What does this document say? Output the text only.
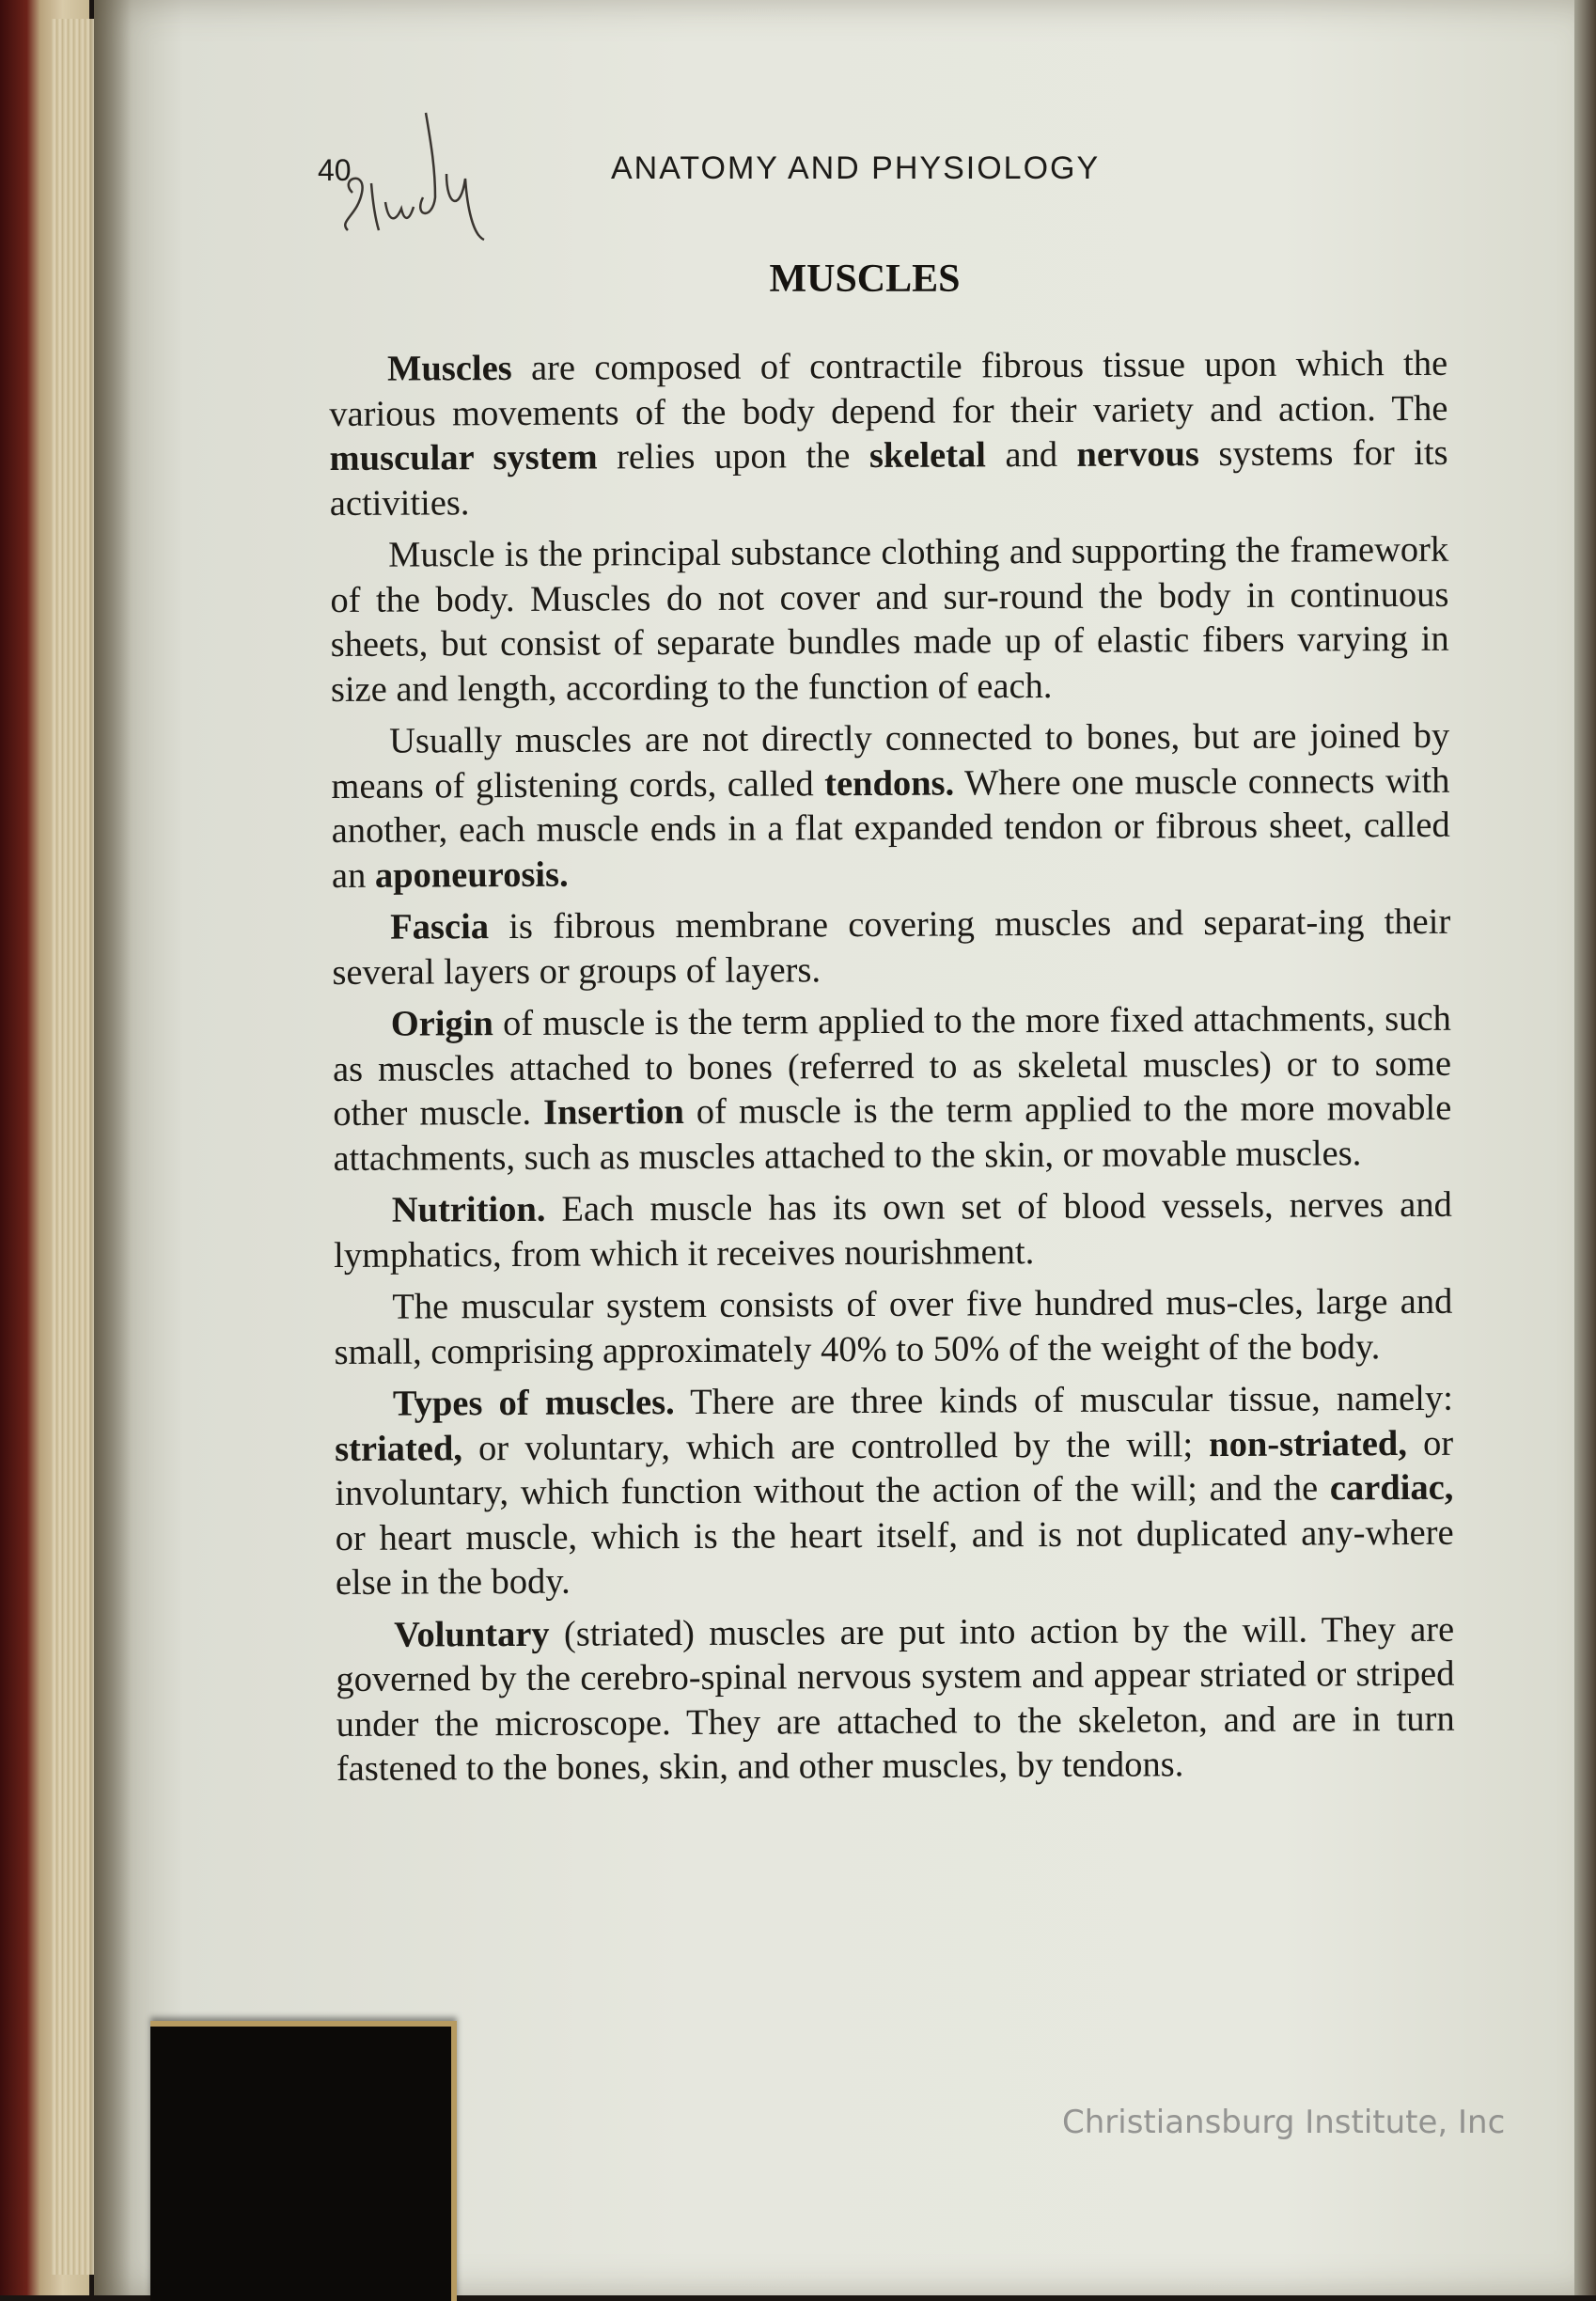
40	ANATOMY AND PHYSIOLOGY
MUSCLES

Muscles are composed of contractile fibrous tissue upon which the various movements of the body depend for their variety and action. The muscular system relies upon the skeletal and nervous systems for its activities.

Muscle is the principal substance clothing and supporting the framework of the body. Muscles do not cover and sur-round the body in continuous sheets, but consist of separate bundles made up of elastic fibers varying in size and length, according to the function of each.

Usually muscles are not directly connected to bones, but are joined by means of glistening cords, called tendons. Where one muscle connects with another, each muscle ends in a flat expanded tendon or fibrous sheet, called an aponeurosis.

Fascia is fibrous membrane covering muscles and separat-ing their several layers or groups of layers.

Origin of muscle is the term applied to the more fixed attachments, such as muscles attached to bones (referred to as skeletal muscles) or to some other muscle. Insertion of muscle is the term applied to the more movable attachments, such as muscles attached to the skin, or movable muscles.

Nutrition. Each muscle has its own set of blood vessels, nerves and lymphatics, from which it receives nourishment.

The muscular system consists of over five hundred mus-cles, large and small, comprising approximately 40% to 50% of the weight of the body.

Types of muscles. There are three kinds of muscular tissue, namely: striated, or voluntary, which are controlled by the will; non-striated, or involuntary, which function without the action of the will; and the cardiac, or heart muscle, which is the heart itself, and is not duplicated any-where else in the body.

Voluntary (striated) muscles are put into action by the will. They are governed by the cerebro-spinal nervous system and appear striated or striped under the microscope. They are attached to the skeleton, and are in turn fastened to the bones, skin, and other muscles, by tendons.

Christiansburg Institute, Inc
